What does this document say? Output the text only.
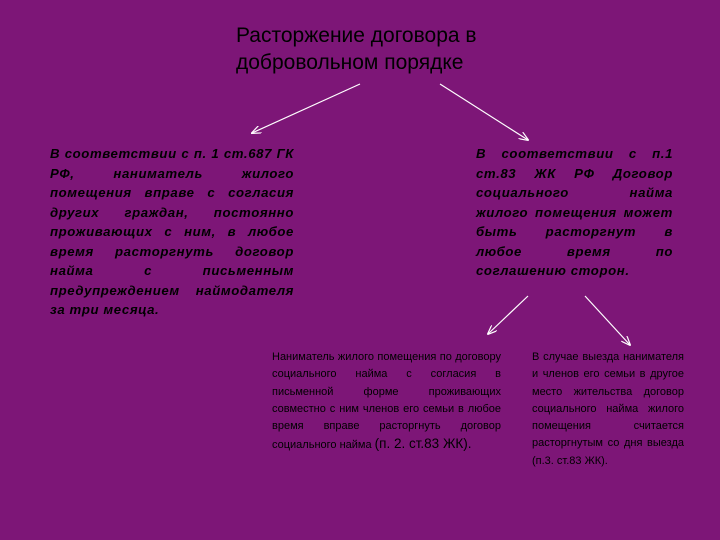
Расторжение договора в
добровольном порядке
В соответствии с п. 1 ст.687 ГК РФ, наниматель жилого помещения вправе с согласия других граждан, постоянно проживающих с ним, в любое время расторгнуть договор найма с письменным предупреждением наймодателя за три месяца.
В соответствии с п.1 ст.83 ЖК РФ Договор социального найма жилого помещения может быть расторгнут в любое время по соглашению сторон.
Наниматель жилого помещения по договору социального найма с согласия в письменной форме проживающих совместно с ним членов его семьи в любое время вправе расторгнуть договор социального найма (п. 2. ст.83 ЖК).
В случае выезда нанимателя и членов его семьи в другое место жительства договор социального найма жилого помещения считается расторгнутым со дня выезда (п.3. ст.83 ЖК).
